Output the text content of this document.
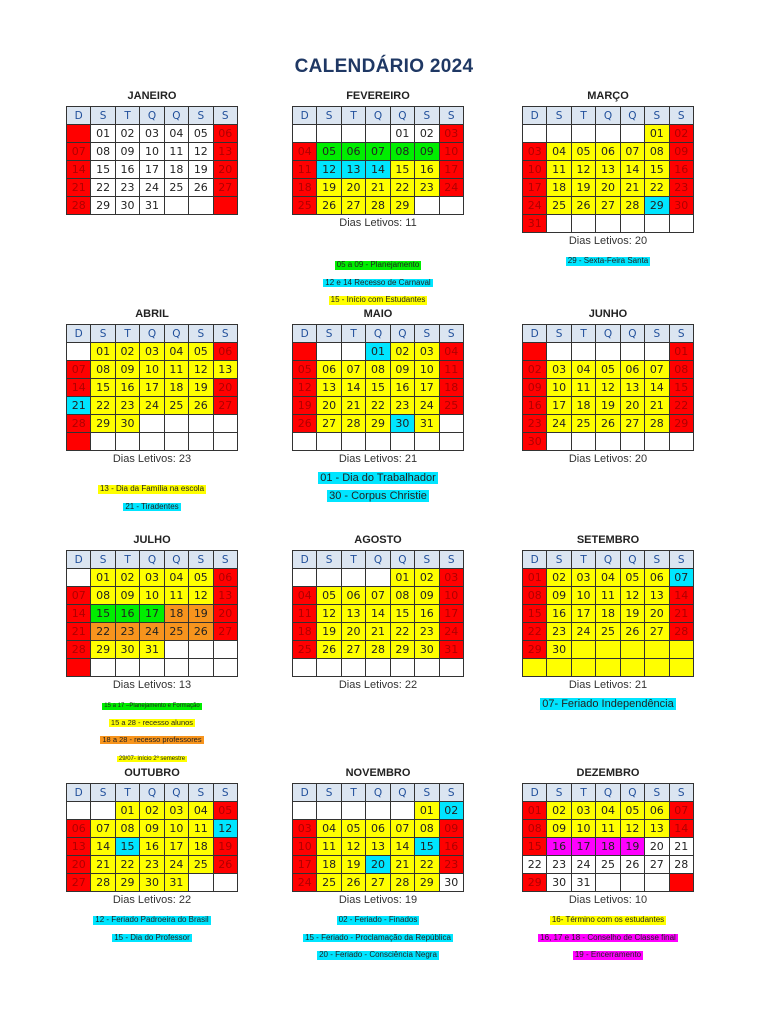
CALENDÁRIO 2024
JANEIRO
D	S	T	Q	Q	S	S
	01	02	03	04	05	06
07	08	09	10	11	12	13
14	15	16	17	18	19	20
21	22	23	24	25	26	27
28	29	30	31			
FEVEREIRO
D	S	T	Q	Q	S	S
				01	02	03
04	05	06	07	08	09	10
11	12	13	14	15	16	17
18	19	20	21	22	23	24
25	26	27	28	29		
Dias Letivos: 11
05 a 09 - Planejamento
12 e 14 Recesso de Carnaval
15 - Início com Estudantes
MARÇO
D	S	T	Q	Q	S	S
					01	02
03	04	05	06	07	08	09
10	11	12	13	14	15	16
17	18	19	20	21	22	23
24	25	26	27	28	29	30
31						
Dias Letivos: 20
29 - Sexta-Feira Santa
ABRIL
D	S	T	Q	Q	S	S
	01	02	03	04	05	06
07	08	09	10	11	12	13
14	15	16	17	18	19	20
21	22	23	24	25	26	27
28	29	30				

Dias Letivos: 23
13 - Dia da Família na escola
21 - Tiradentes
MAIO
D	S	T	Q	Q	S	S
			01	02	03	04
05	06	07	08	09	10	11
12	13	14	15	16	17	18
19	20	21	22	23	24	25
26	27	28	29	30	31	

Dias Letivos: 21
01 - Dia do Trabalhador
30 - Corpus Christie
JUNHO
D	S	T	Q	Q	S	S
						01
02	03	04	05	06	07	08
09	10	11	12	13	14	15
16	17	18	19	20	21	22
23	24	25	26	27	28	29
30						
Dias Letivos: 20
JULHO
D	S	T	Q	Q	S	S
	01	02	03	04	05	06
07	08	09	10	11	12	13
14	15	16	17	18	19	20
21	22	23	24	25	26	27
28	29	30	31			

Dias Letivos: 13
15 a 17 –Planejamento e Formação
15 a 28 - recesso alunos
18 a 28 - recesso professores
29/07- início 2º semestre
AGOSTO
D	S	T	Q	Q	S	S
				01	02	03
04	05	06	07	08	09	10
11	12	13	14	15	16	17
18	19	20	21	22	23	24
25	26	27	28	29	30	31

Dias Letivos: 22
SETEMBRO
D	S	T	Q	Q	S	S
01	02	03	04	05	06	07
08	09	10	11	12	13	14
15	16	17	18	19	20	21
22	23	24	25	26	27	28
29	30					

Dias Letivos: 21
07- Feriado Independência
OUTUBRO
D	S	T	Q	Q	S	S
		01	02	03	04	05
06	07	08	09	10	11	12
13	14	15	16	17	18	19
20	21	22	23	24	25	26
27	28	29	30	31		
Dias Letivos: 22
12 - Feriado Padroeira do Brasil
15 - Dia do Professor
NOVEMBRO
D	S	T	Q	Q	S	S
					01	02
03	04	05	06	07	08	09
10	11	12	13	14	15	16
17	18	19	20	21	22	23
24	25	26	27	28	29	30
Dias Letivos: 19
02 - Feriado - Finados
15 - Feriado - Proclamação da República
20 - Feriado - Consciência Negra
DEZEMBRO
D	S	T	Q	Q	S	S
01	02	03	04	05	06	07
08	09	10	11	12	13	14
15	16	17	18	19	20	21
22	23	24	25	26	27	28
29	30	31				
Dias Letivos: 10
16- Término com os estudantes
16, 17 e 18 - Conselho de Classe final
19 - Encerramento
